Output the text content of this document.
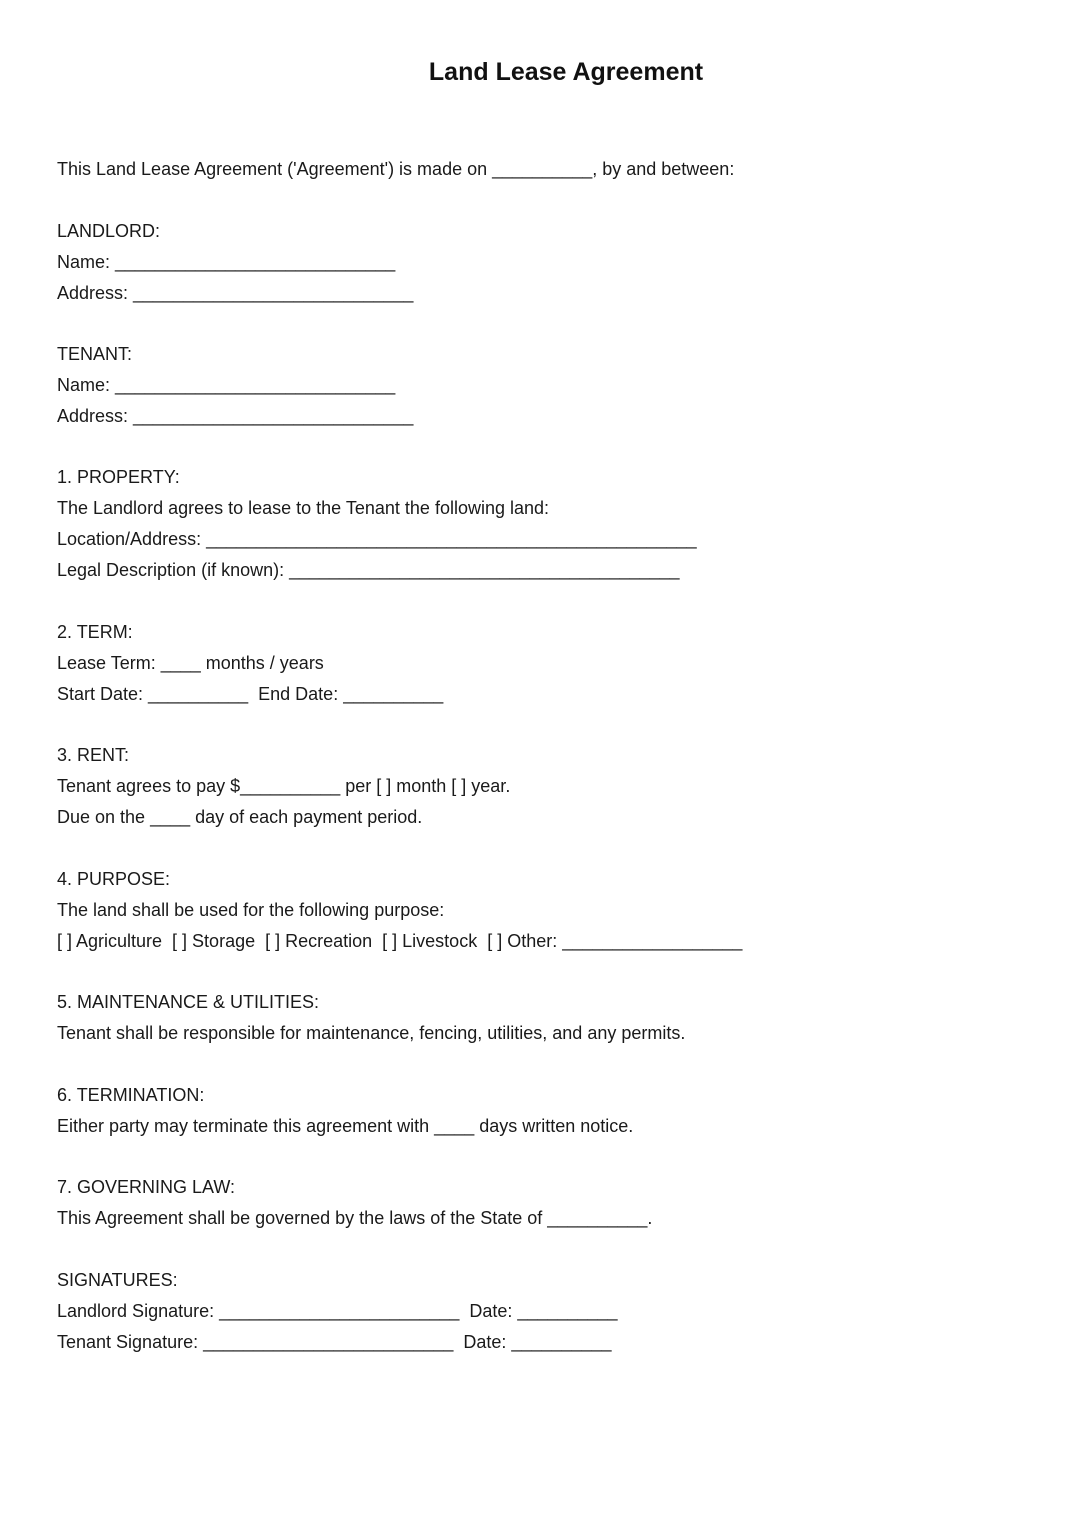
Land Lease Agreement

This Land Lease Agreement ('Agreement') is made on __________, by and between:

LANDLORD:

Name: ____________________________

Address: ____________________________

TENANT:

Name: ____________________________

Address: ____________________________

1. PROPERTY:

The Landlord agrees to lease to the Tenant the following land:

Location/Address: _________________________________________________

Legal Description (if known): _______________________________________

2. TERM:

Lease Term: ____ months / years

Start Date: __________  End Date: __________

3. RENT:

Tenant agrees to pay $__________ per [ ] month [ ] year.

Due on the ____ day of each payment period.

4. PURPOSE:

The land shall be used for the following purpose:

[ ] Agriculture  [ ] Storage  [ ] Recreation  [ ] Livestock  [ ] Other: __________________

5. MAINTENANCE & UTILITIES:

Tenant shall be responsible for maintenance, fencing, utilities, and any permits.

6. TERMINATION:

Either party may terminate this agreement with ____ days written notice.

7. GOVERNING LAW:

This Agreement shall be governed by the laws of the State of __________.

SIGNATURES:

Landlord Signature: ________________________  Date: __________

Tenant Signature: _________________________  Date: __________
